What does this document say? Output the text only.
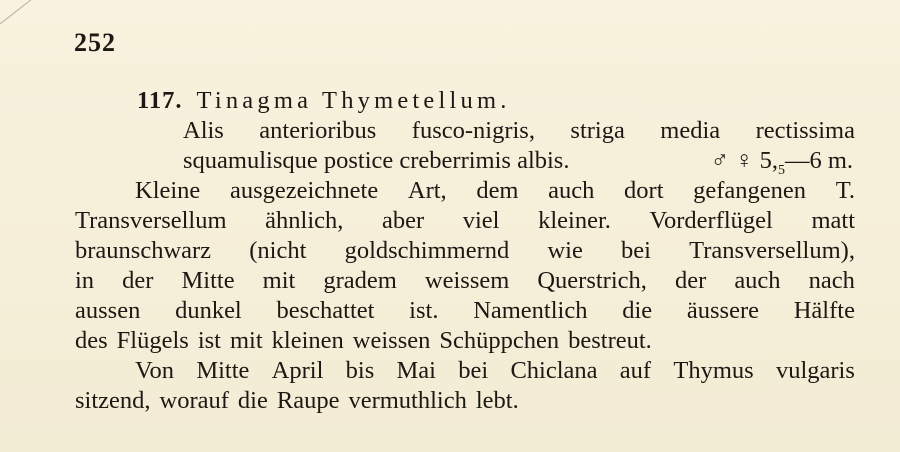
252
117. Tinagma Thymetellum.
Alis anterioribus fusco-nigris, striga media rectissima
squamulisque postice creberrimis albis.	♂ ♀ $5,_5—6$ m.
Kleine ausgezeichnete Art, dem auch dort gefangenen T.
Transversellum ähnlich, aber viel kleiner. Vorderflügel matt
braunschwarz (nicht goldschimmernd wie bei Transversellum),
in der Mitte mit gradem weissem Querstrich, der auch nach
aussen dunkel beschattet ist. Namentlich die äussere Hälfte
des Flügels ist mit kleinen weissen Schüppchen bestreut.
Von Mitte April bis Mai bei Chiclana auf Thymus vulgaris
sitzend, worauf die Raupe vermuthlich lebt.
